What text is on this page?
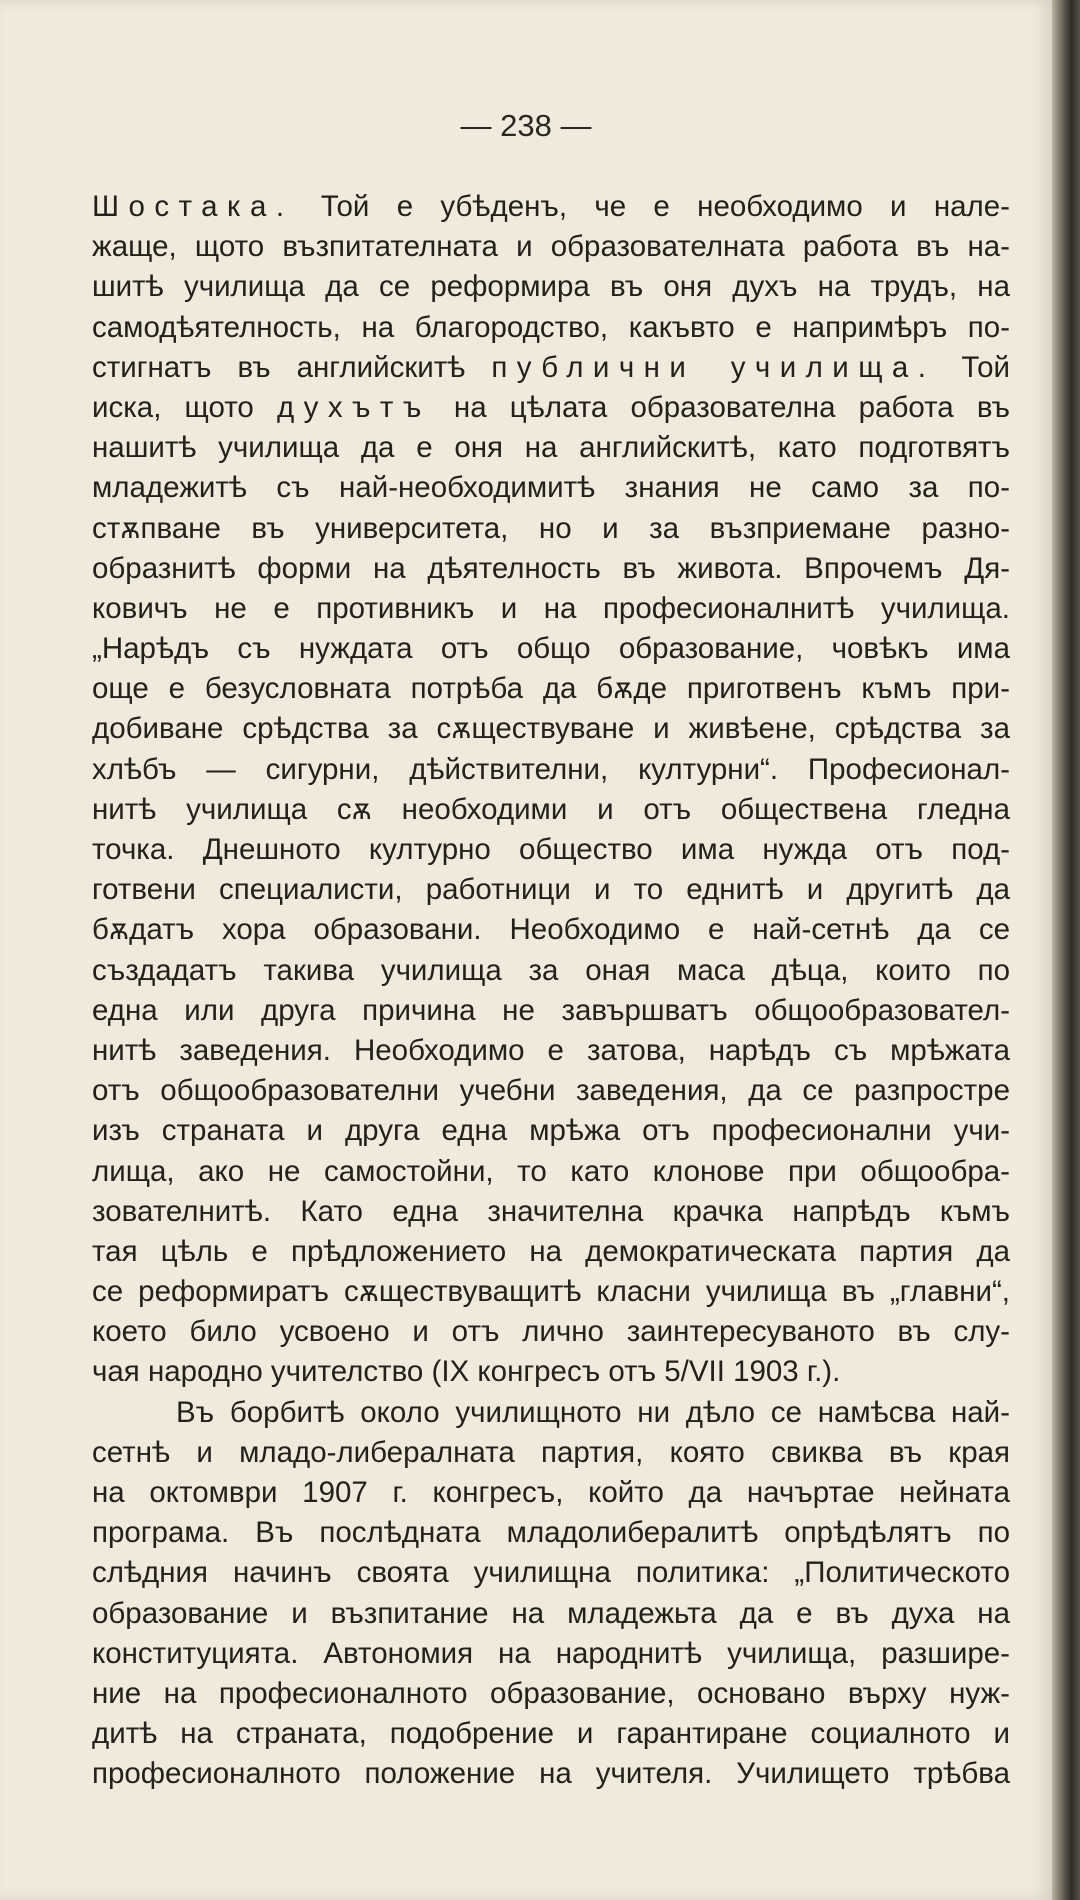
— 238 —
Шостака. Той е убѣденъ, че е необходимо и нале-
жаще, щото възпитателната и образователната работа въ на-
шитѣ училища да се реформира въ оня духъ на трудъ, на
самодѣятелность, на благородство, какъвто е напримѣръ по-
стигнатъ въ английскитѣ публични училища. Той
иска, щото духътъ на цѣлата образователна работа въ
нашитѣ училища да е оня на английскитѣ, като подготвятъ
младежитѣ съ най-необходимитѣ знания не само за по-
стѫпване въ университета, но и за възприемане разно-
образнитѣ форми на дѣятелность въ живота. Впрочемъ Дя-
ковичъ не е противникъ и на професионалнитѣ училища.
„Нарѣдъ съ нуждата отъ общо образование, човѣкъ има
още е безусловната потрѣба да бѫде приготвенъ къмъ при-
добиване срѣдства за сѫществуване и живѣене, срѣдства за
хлѣбъ — сигурни, дѣйствителни, културни“. Професионал-
нитѣ училища сѫ необходими и отъ обществена гледна
точка. Днешното културно общество има нужда отъ под-
готвени специалисти, работници и то еднитѣ и другитѣ да
бѫдатъ хора образовани. Необходимо е най-сетнѣ да се
създадатъ такива училища за оная маса дѣца, които по
една или друга причина не завършватъ общообразовател-
нитѣ заведения. Необходимо е затова, нарѣдъ съ мрѣжата
отъ общообразователни учебни заведения, да се разпростре
изъ страната и друга една мрѣжа отъ професионални учи-
лища, ако не самостойни, то като клонове при общообра-
зователнитѣ. Като една значителна крачка напрѣдъ къмъ
тая цѣль е прѣдложението на демократическата партия да
се реформиратъ сѫществуващитѣ класни училища въ „главни“,
което било усвоено и отъ лично заинтересуваното въ слу-
чая народно учителство (IX конгресъ отъ 5/VII 1903 г.).
Въ борбитѣ около училищното ни дѣло се намѣсва най-
сетнѣ и младо-либералната партия, която свиква въ края
на октомври 1907 г. конгресъ, който да начъртае нейната
програма. Въ послѣдната младолибералитѣ опрѣдѣлятъ по
слѣдния начинъ своята училищна политика: „Политическото
образование и възпитание на младежьта да е въ духа на
конституцията. Автономия на народнитѣ училища, разшире-
ние на професионалното образование, основано върху нуж-
дитѣ на страната, подобрение и гарантиране социалното и
професионалното положение на учителя. Училището трѣбва
